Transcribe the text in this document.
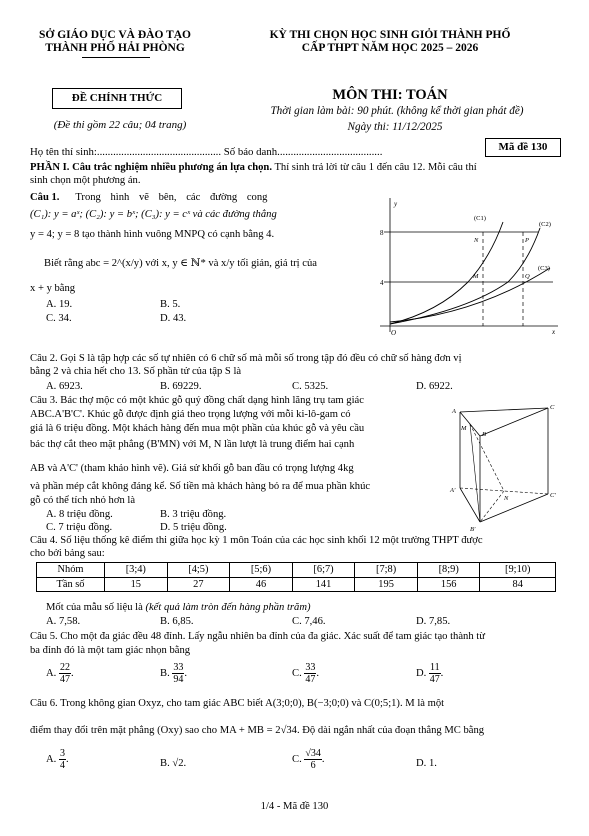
SỞ GIÁO DỤC VÀ ĐÀO TẠO
THÀNH PHỐ HẢI PHÒNG
KỲ THI CHỌN HỌC SINH GIỎI THÀNH PHỐ
CẤP THPT NĂM HỌC 2025 – 2026
ĐỀ CHÍNH THỨC
(Đề thi gồm 22 câu; 04 trang)
MÔN THI: TOÁN
Thời gian làm bài: 90 phút. (không kể thời gian phát đề)
Ngày thi: 11/12/2025
Họ tên thí sinh:.............................................. Số báo danh.......................................	Mã đề 130
PHẦN I. Câu trắc nghiệm nhiều phương án lựa chọn. Thí sinh trả lời từ câu 1 đến câu 12. Mỗi câu thí
sinh chọn một phương án.
Câu 1. Trong hình vẽ bên, các đường cong
(C₁): y = aˣ; (C₂): y = bˣ; (C₃): y = cˣ và các đường thẳng
y = 4; y = 8 tạo thành hình vuông MNPQ có cạnh bằng 4.
Biết rằng abc = 2^(x/y) với x, y ∈ ℕ* và x/y tối giản, giá trị của
x + y bằng
A. 19.	B. 5.
C. 34.	D. 43.
y
x
O
8
4
(C1)
(C2)
(C3)
N	P
M	Q
Câu 2. Gọi S là tập hợp các số tự nhiên có 6 chữ số mà mỗi số trong tập đó đều có chữ số hàng đơn vị
bằng 2 và chia hết cho 13. Số phần tử của tập S là
A. 6923.	B. 69229.	C. 5325.	D. 6922.
Câu 3. Bác thợ mộc có một khúc gỗ quý đồng chất dạng hình lăng trụ tam giác
ABC.A'B'C'. Khúc gỗ được định giá theo trọng lượng với mỗi ki-lô-gam có
giá là 6 triệu đồng. Một khách hàng đến mua một phần của khúc gỗ và yêu cầu
bác thợ cắt theo mặt phẳng (B'MN) với M, N lần lượt là trung điểm hai cạnh
AB và A'C' (tham khảo hình vẽ). Giả sử khối gỗ ban đầu có trọng lượng 4kg
và phần mép cắt không đáng kể. Số tiền mà khách hàng bỏ ra để mua phần khúc
gỗ có thể tích nhỏ hơn là
A. 8 triệu đồng.	B. 3 triệu đồng.
C. 7 triệu đồng.	D. 5 triệu đồng.
A
B
C
A'
B'
C'
M
N
Câu 4. Số liệu thống kê điểm thi giữa học kỳ 1 môn Toán của các học sinh khối 12 một trường THPT được
cho bởi bảng sau:
Nhóm	[3;4)	[4;5)	[5;6)	[6;7)	[7;8)	[8;9)	[9;10)
Tần số	15	27	46	141	195	156	84
Mốt của mẫu số liệu là (kết quả làm tròn đến hàng phần trăm)
A. 7,58.	B. 6,85.	C. 7,46.	D. 7,85.
Câu 5. Cho một đa giác đều 48 đỉnh. Lấy ngẫu nhiên ba đỉnh của đa giác. Xác suất để tam giác tạo thành từ
ba đỉnh đó là một tam giác nhọn bằng
A. $\frac{22}{47}$ .	B. $\frac{33}{94}$ .	C. $\frac{33}{47}$ .	D. $\frac{11}{47}$ .
Câu 6. Trong không gian Oxyz, cho tam giác ABC biết A(3;0;0), B(−3;0;0) và C(0;5;1). M là một
điểm thay đổi trên mặt phẳng (Oxy) sao cho MA + MB = 2√34. Độ dài ngắn nhất của đoạn thẳng MC bằng
A. $\frac{3}{4}$ .	B. √2.	C. $\frac{√34}{6}$ .	D. 1.
1/4 - Mã đề 130
